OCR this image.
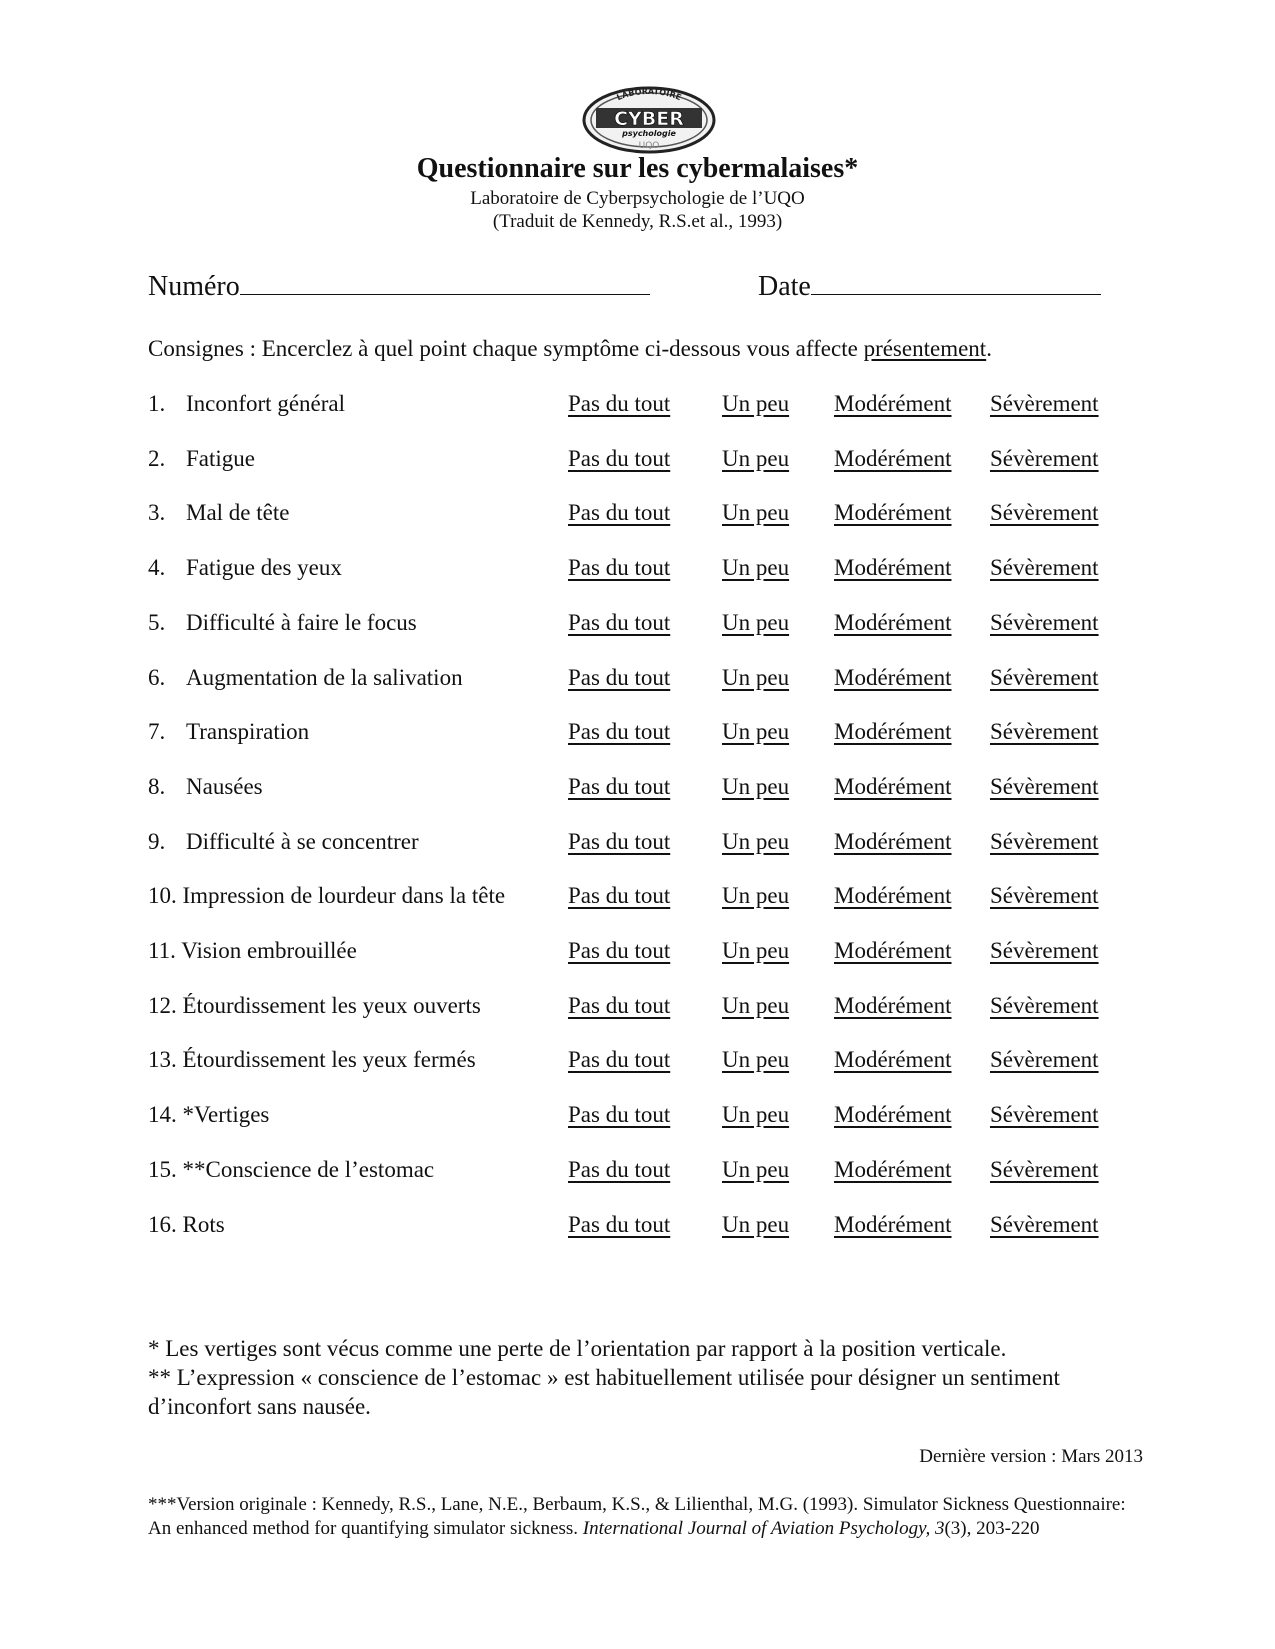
LABORATOIRE
CYBER
psychologie
UQO
Questionnaire sur les cybermalaises*
Laboratoire de Cyberpsychologie de l’UQO
(Traduit de Kennedy, R.S.et al., 1993)
Numéro	Date
Consignes : Encerclez à quel point chaque symptôme ci-dessous vous affecte présentement.
1. Inconfort général	Pas du tout Un peu Modérément Sévèrement
2. Fatigue	Pas du tout Un peu Modérément Sévèrement
3. Mal de tête	Pas du tout Un peu Modérément Sévèrement
4. Fatigue des yeux	Pas du tout Un peu Modérément Sévèrement
5. Difficulté à faire le focus	Pas du tout Un peu Modérément Sévèrement
6. Augmentation de la salivation	Pas du tout Un peu Modérément Sévèrement
7. Transpiration	Pas du tout Un peu Modérément Sévèrement
8. Nausées	Pas du tout Un peu Modérément Sévèrement
9. Difficulté à se concentrer	Pas du tout Un peu Modérément Sévèrement
10. Impression de lourdeur dans la tête	Pas du tout Un peu Modérément Sévèrement
11. Vision embrouillée	Pas du tout Un peu Modérément Sévèrement
12. Étourdissement les yeux ouverts	Pas du tout Un peu Modérément Sévèrement
13. Étourdissement les yeux fermés	Pas du tout Un peu Modérément Sévèrement
14. *Vertiges	Pas du tout Un peu Modérément Sévèrement
15. **Conscience de l’estomac	Pas du tout Un peu Modérément Sévèrement
16. Rots	Pas du tout Un peu Modérément Sévèrement
* Les vertiges sont vécus comme une perte de l’orientation par rapport à la position verticale.
** L’expression « conscience de l’estomac » est habituellement utilisée pour désigner un sentiment d’inconfort sans nausée.
Dernière version : Mars 2013
***Version originale : Kennedy, R.S., Lane, N.E., Berbaum, K.S., & Lilienthal, M.G. (1993). Simulator Sickness Questionnaire: An enhanced method for quantifying simulator sickness. International Journal of Aviation Psychology, 3(3), 203-220
